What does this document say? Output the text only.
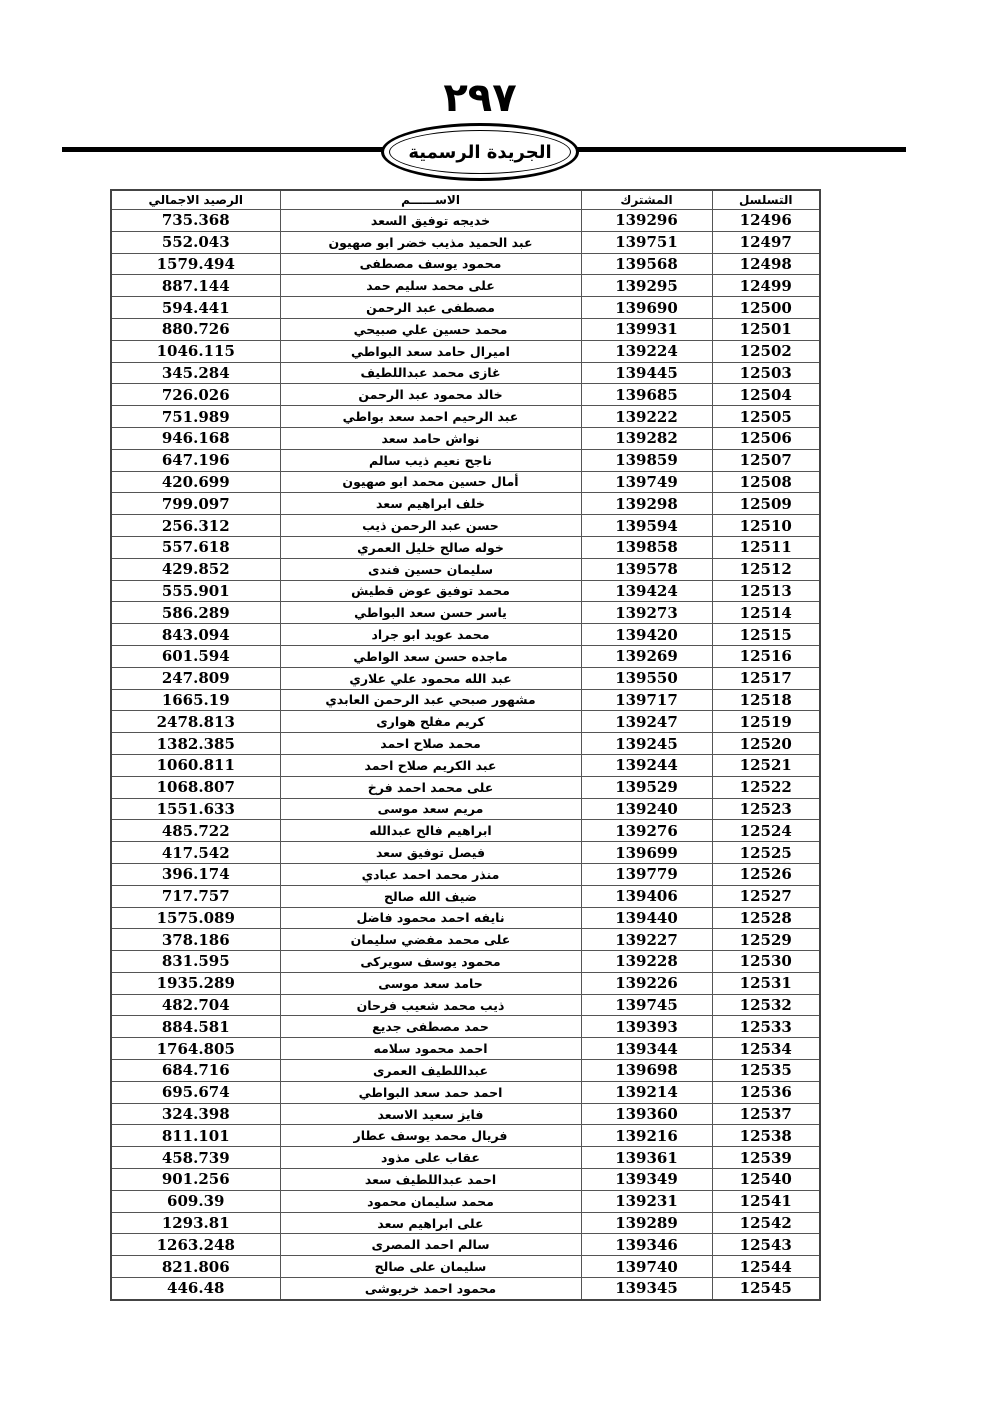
٢٩٧
الجريدة الرسمية
التسلسل	المشترك	الاســــــم	الرصيد الاجمالي
12496	139296	خديجه توفيق السعد	735.368
12497	139751	عبد الحميد مذيب خضر ابو صهيون	552.043
12498	139568	محمود يوسف مصطفى	1579.494
12499	139295	على محمد سليم حمد	887.144
12500	139690	مصطفى عبد الرحمن	594.441
12501	139931	محمد حسين علي صبيحي	880.726
12502	139224	اميرال حامد سعد البواطي	1046.115
12503	139445	غازى محمد عبداللطيف	345.284
12504	139685	خالد محمود عبد الرحمن	726.026
12505	139222	عبد الرحيم احمد سعد بواطي	751.989
12506	139282	نواش حامد سعد	946.168
12507	139859	ناجح نعيم ذيب سالم	647.196
12508	139749	أمال حسين محمد ابو صهيون	420.699
12509	139298	خلف ابراهيم سعد	799.097
12510	139594	حسن عبد الرحمن ذيب	256.312
12511	139858	خوله صالح خليل العمري	557.618
12512	139578	سليمان حسين فندى	429.852
12513	139424	محمد توفيق عوض قطيش	555.901
12514	139273	ياسر حسن سعد البواطي	586.289
12515	139420	محمد عويد ابو جراد	843.094
12516	139269	ماجده حسن سعد الواطي	601.594
12517	139550	عبد الله محمود علي علاري	247.809
12518	139717	مشهور صبحي عبد الرحمن العابدي	1665.19
12519	139247	كريم مفلح هوارى	2478.813
12520	139245	محمد صلاح احمد	1382.385
12521	139244	عبد الكريم صلاح احمد	1060.811
12522	139529	على محمد احمد فرخ	1068.807
12523	139240	مريم سعد موسى	1551.633
12524	139276	ابراهيم فالح عبدالله	485.722
12525	139699	فيصل توفيق سعد	417.542
12526	139779	منذر محمد احمد عبادي	396.174
12527	139406	ضيف الله صالح	717.757
12528	139440	نايفه احمد محمود فاضل	1575.089
12529	139227	على محمد مفضي سليمان	378.186
12530	139228	محمود يوسف سويركى	831.595
12531	139226	حامد سعد موسى	1935.289
12532	139745	ذيب محمد شعيب فرحان	482.704
12533	139393	حمد مصطفى جديع	884.581
12534	139344	احمد محمود سلامه	1764.805
12535	139698	عبداللطيف العمرى	684.716
12536	139214	احمد حمد سعد البواطي	695.674
12537	139360	فايز سعيد الاسعد	324.398
12538	139216	فريال محمد يوسف عطار	811.101
12539	139361	عقاب على مذود	458.739
12540	139349	احمد عبداللطيف سعد	901.256
12541	139231	محمد سليمان محمود	609.39
12542	139289	على ابراهيم سعد	1293.81
12543	139346	سالم احمد المصرى	1263.248
12544	139740	سليمان على صالح	821.806
12545	139345	محمود احمد خريوشى	446.48
